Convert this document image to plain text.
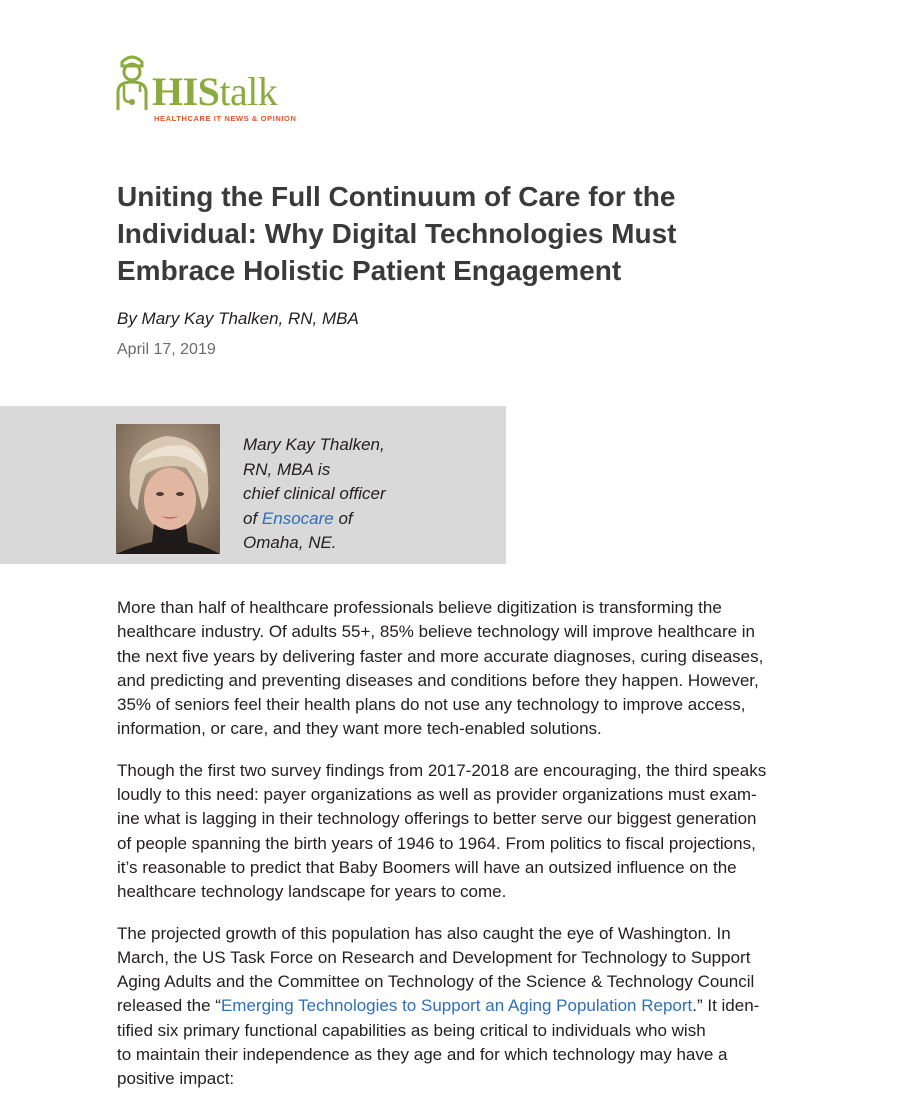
HIStalk
HEALTHCARE IT NEWS & OPINION
Uniting the Full Continuum of Care for the Individual: Why Digital Technologies Must Embrace Holistic Patient Engagement
By Mary Kay Thalken, RN, MBA
April 17, 2019
Mary Kay Thalken,
RN, MBA is
chief clinical officer
of Ensocare of
Omaha, NE.

More than half of healthcare professionals believe digitization is transforming the
healthcare industry. Of adults 55+, 85% believe technology will improve healthcare in
the next five years by delivering faster and more accurate diagnoses, curing diseases,
and predicting and preventing diseases and conditions before they happen. However,
35% of seniors feel their health plans do not use any technology to improve access,
information, or care, and they want more tech-enabled solutions.

Though the first two survey findings from 2017-2018 are encouraging, the third speaks
loudly to this need: payer organizations as well as provider organizations must exam-
ine what is lagging in their technology offerings to better serve our biggest generation
of people spanning the birth years of 1946 to 1964. From politics to fiscal projections,
it’s reasonable to predict that Baby Boomers will have an outsized influence on the
healthcare technology landscape for years to come.

The projected growth of this population has also caught the eye of Washington. In
March, the US Task Force on Research and Development for Technology to Support
Aging Adults and the Committee on Technology of the Science & Technology Council
released the “Emerging Technologies to Support an Aging Population Report.” It iden-
tified six primary functional capabilities as being critical to individuals who wish
to maintain their independence as they age and for which technology may have a
positive impact:
